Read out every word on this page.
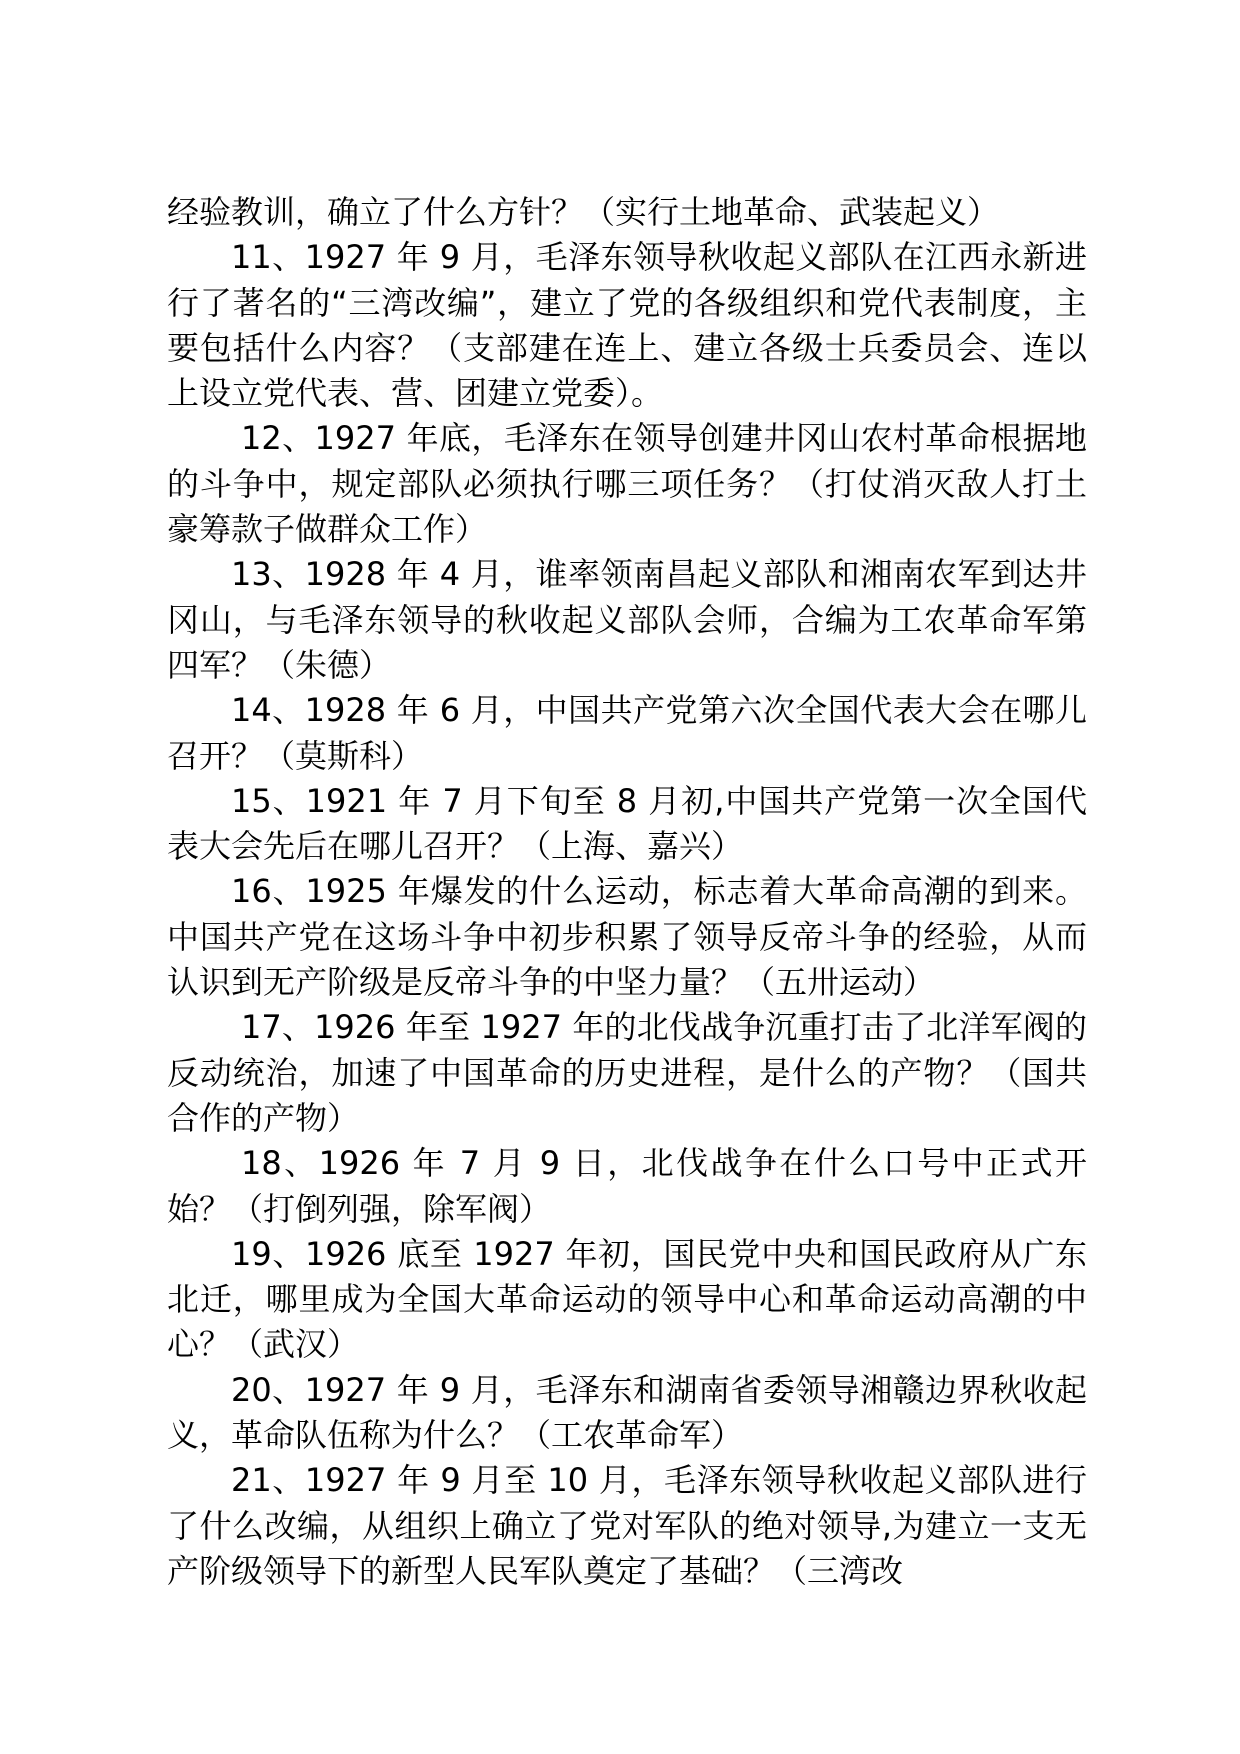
经验教训，确立了什么方针？（实行土地革命、武装起义）

11、1927 年 9 月，毛泽东领导秋收起义部队在江西永新进行了著名的“三湾改编”，建立了党的各级组织和党代表制度，主要包括什么内容？（支部建在连上、建立各级士兵委员会、连以上设立党代表、营、团建立党委）。

12、1927 年底，毛泽东在领导创建井冈山农村革命根据地的斗争中，规定部队必须执行哪三项任务？（打仗消灭敌人打土豪筹款子做群众工作）

13、1928 年 4 月，谁率领南昌起义部队和湘南农军到达井冈山，与毛泽东领导的秋收起义部队会师，合编为工农革命军第四军？（朱德）

14、1928 年 6 月，中国共产党第六次全国代表大会在哪儿召开？（莫斯科）

15、1921 年 7 月下旬至 8 月初,中国共产党第一次全国代表大会先后在哪儿召开？（上海、嘉兴）

16、1925 年爆发的什么运动，标志着大革命高潮的到来。中国共产党在这场斗争中初步积累了领导反帝斗争的经验，从而认识到无产阶级是反帝斗争的中坚力量？（五卅运动）

17、1926 年至 1927 年的北伐战争沉重打击了北洋军阀的反动统治，加速了中国革命的历史进程，是什么的产物？（国共合作的产物）

18、1926 年 7 月 9 日，北伐战争在什么口号中正式开始？（打倒列强，除军阀）

19、1926 底至 1927 年初，国民党中央和国民政府从广东北迁，哪里成为全国大革命运动的领导中心和革命运动高潮的中心？（武汉）

20、1927 年 9 月，毛泽东和湖南省委领导湘赣边界秋收起义，革命队伍称为什么？（工农革命军）

21、1927 年 9 月至 10 月，毛泽东领导秋收起义部队进行了什么改编，从组织上确立了党对军队的绝对领导,为建立一支无产阶级领导下的新型人民军队奠定了基础？（三湾改
